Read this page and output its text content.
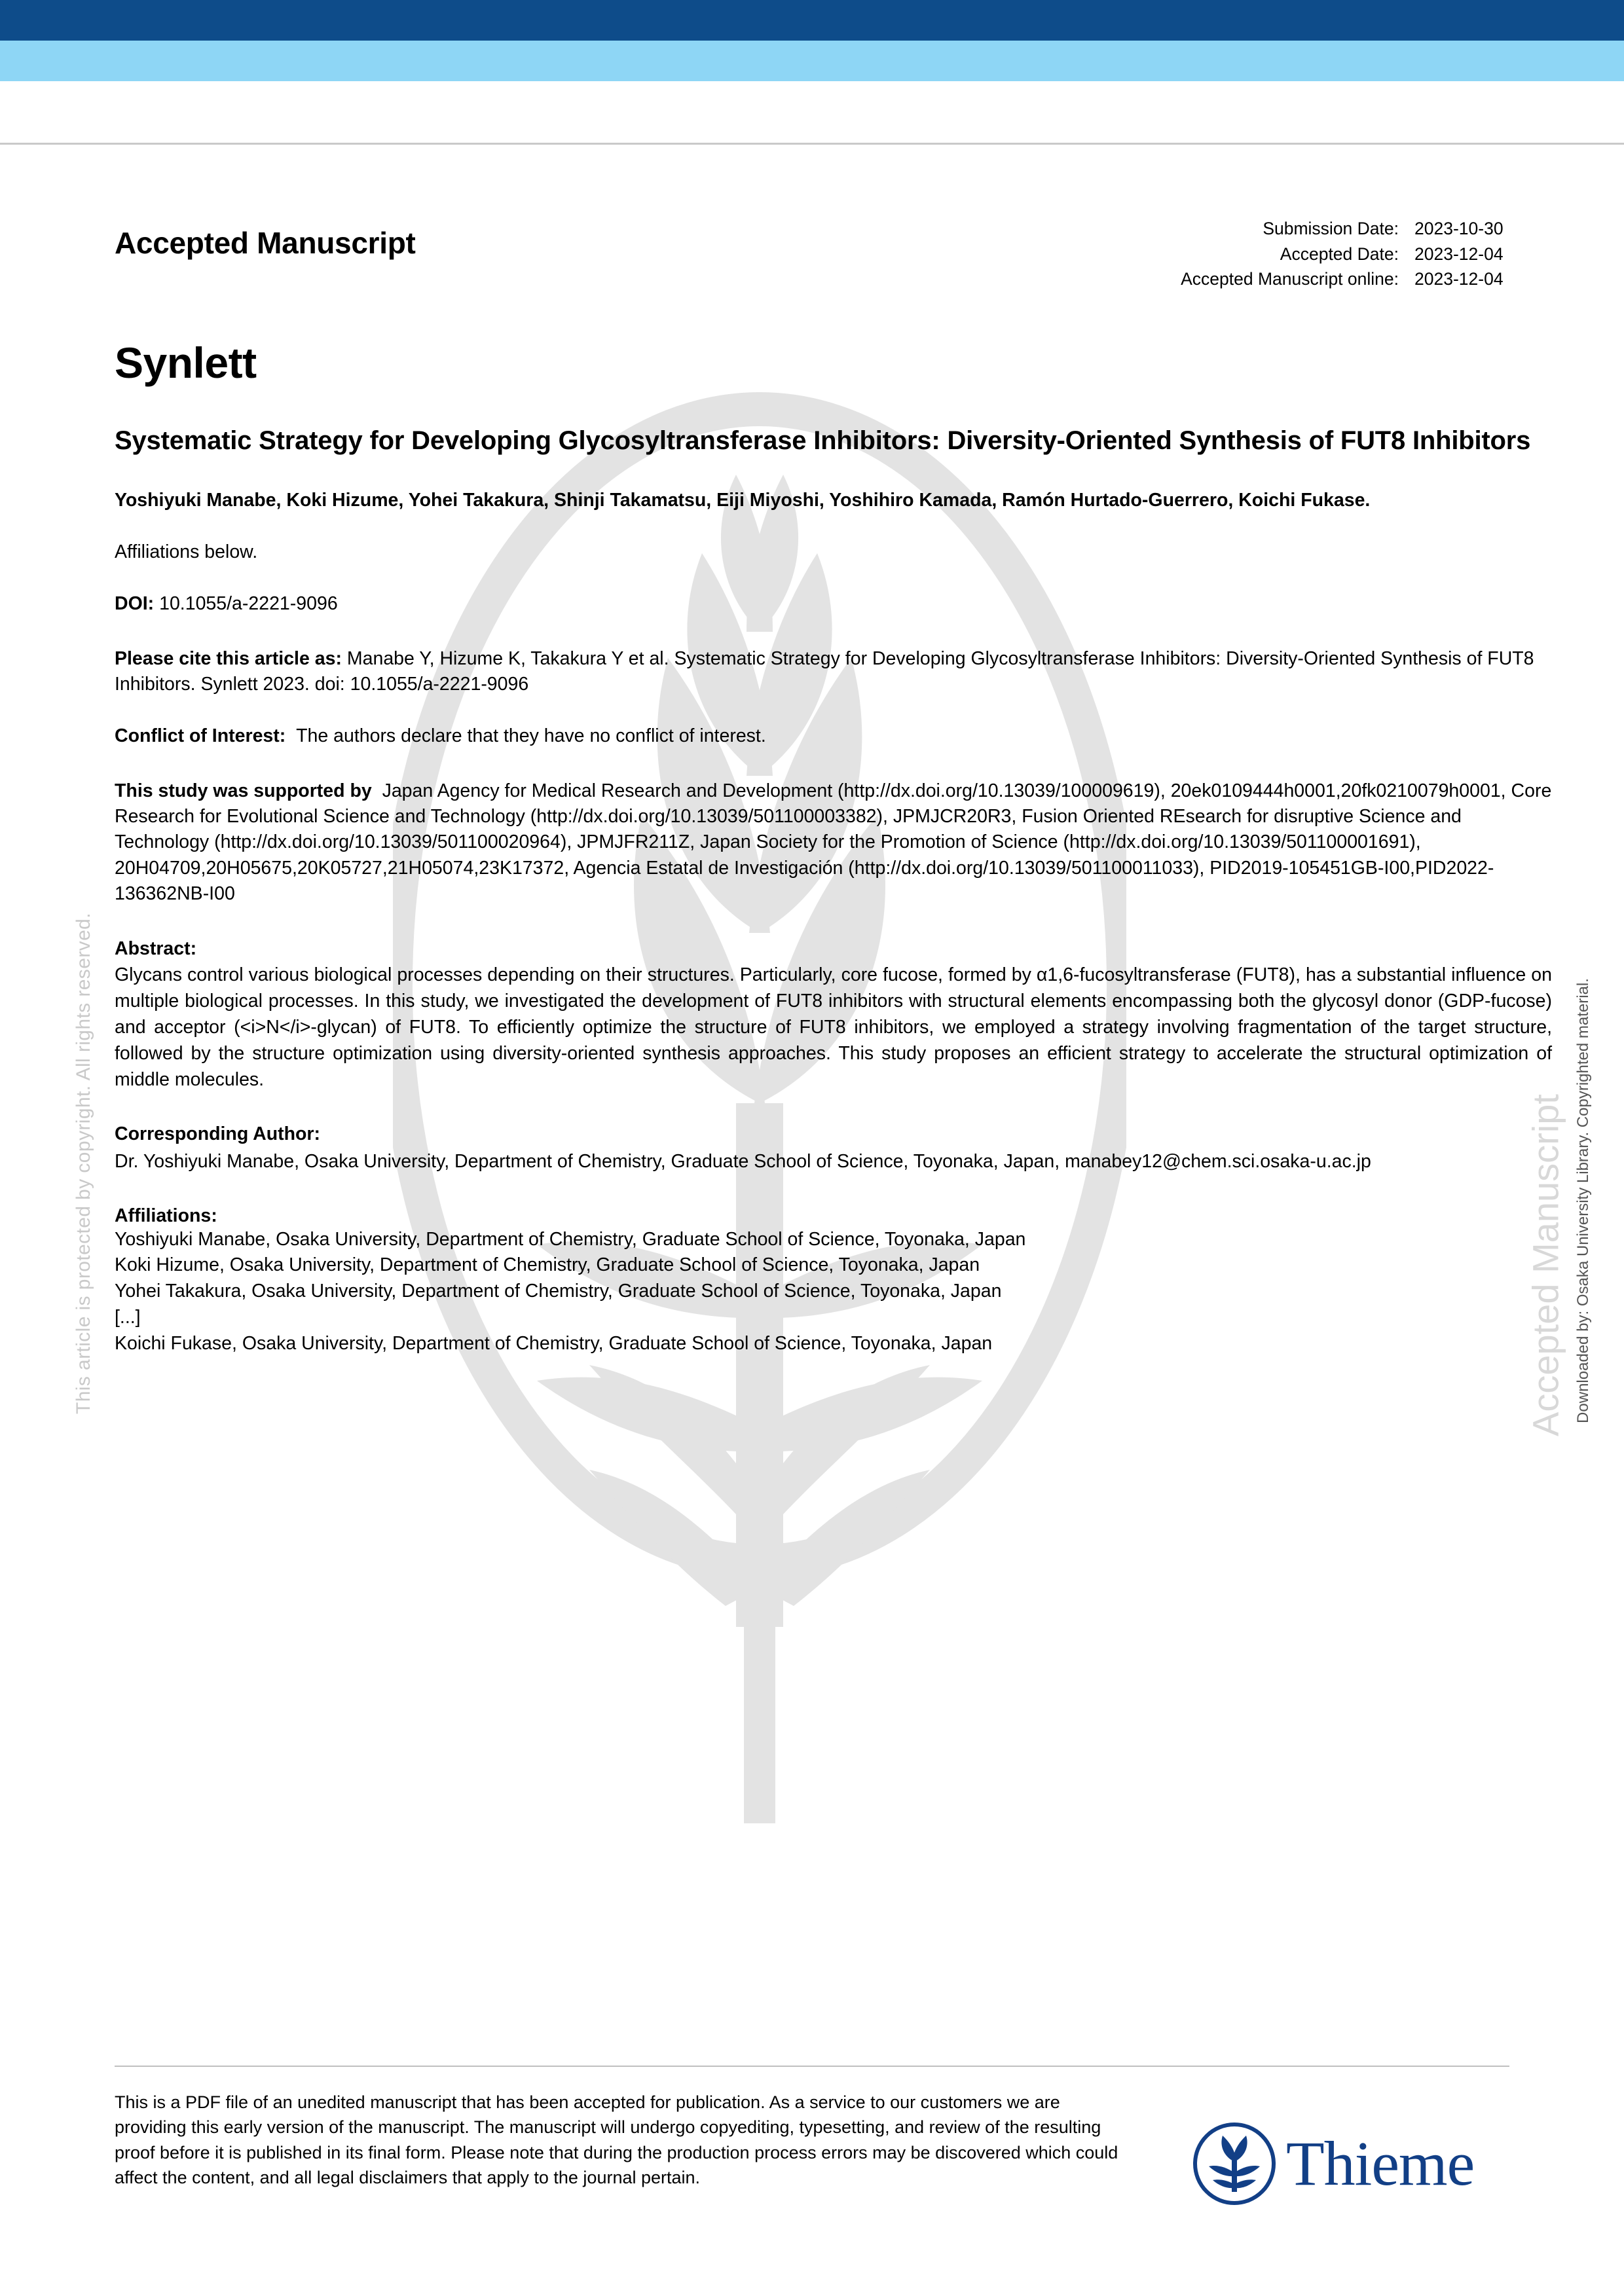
This article is protected by copyright. All rights reserved.	Downloaded by: Osaka University Library. Copyrighted material.
Accepted Manuscript
Accepted Manuscript	Submission Date: 2023-10-30
Accepted Date: 2023-12-04
Accepted Manuscript online: 2023-12-04
Synlett
Systematic Strategy for Developing Glycosyltransferase Inhibitors: Diversity-Oriented Synthesis of FUT8 Inhibitors
Yoshiyuki Manabe, Koki Hizume, Yohei Takakura, Shinji Takamatsu, Eiji Miyoshi, Yoshihiro Kamada, Ramón Hurtado-Guerrero, Koichi Fukase.
Affiliations below.
DOI: 10.1055/a-2221-9096
Please cite this article as: Manabe Y, Hizume K, Takakura Y et al. Systematic Strategy for Developing Glycosyltransferase Inhibitors: Diversity-Oriented Synthesis of FUT8 Inhibitors. Synlett 2023. doi: 10.1055/a-2221-9096
Conflict of Interest: The authors declare that they have no conflict of interest.
This study was supported by Japan Agency for Medical Research and Development (http://dx.doi.org/10.13039/100009619), 20ek0109444h0001,20fk0210079h0001, Core Research for Evolutional Science and Technology (http://dx.doi.org/10.13039/501100003382), JPMJCR20R3, Fusion Oriented REsearch for disruptive Science and Technology (http://dx.doi.org/10.13039/501100020964), JPMJFR211Z, Japan Society for the Promotion of Science (http://dx.doi.org/10.13039/501100001691), 20H04709,20H05675,20K05727,21H05074,23K17372, Agencia Estatal de Investigación (http://dx.doi.org/10.13039/501100011033), PID2019-105451GB-I00,PID2022-136362NB-I00
Abstract:
Glycans control various biological processes depending on their structures. Particularly, core fucose, formed by α1,6-fucosyltransferase (FUT8), has a substantial influence on multiple biological processes. In this study, we investigated the development of FUT8 inhibitors with structural elements encompassing both the glycosyl donor (GDP-fucose) and acceptor (<i>N</i>-glycan) of FUT8. To efficiently optimize the structure of FUT8 inhibitors, we employed a strategy involving fragmentation of the target structure, followed by the structure optimization using diversity-oriented synthesis approaches. This study proposes an efficient strategy to accelerate the structural optimization of middle molecules.
Corresponding Author:
Dr. Yoshiyuki Manabe, Osaka University, Department of Chemistry, Graduate School of Science, Toyonaka, Japan, manabey12@chem.sci.osaka-u.ac.jp
Affiliations:
Yoshiyuki Manabe, Osaka University, Department of Chemistry, Graduate School of Science, Toyonaka, Japan
Koki Hizume, Osaka University, Department of Chemistry, Graduate School of Science, Toyonaka, Japan
Yohei Takakura, Osaka University, Department of Chemistry, Graduate School of Science, Toyonaka, Japan
[...]
Koichi Fukase, Osaka University, Department of Chemistry, Graduate School of Science, Toyonaka, Japan
This is a PDF file of an unedited manuscript that has been accepted for publication. As a service to our customers we are providing this early version of the manuscript. The manuscript will undergo copyediting, typesetting, and review of the resulting proof before it is published in its final form. Please note that during the production process errors may be discovered which could affect the content, and all legal disclaimers that apply to the journal pertain.	Thieme
